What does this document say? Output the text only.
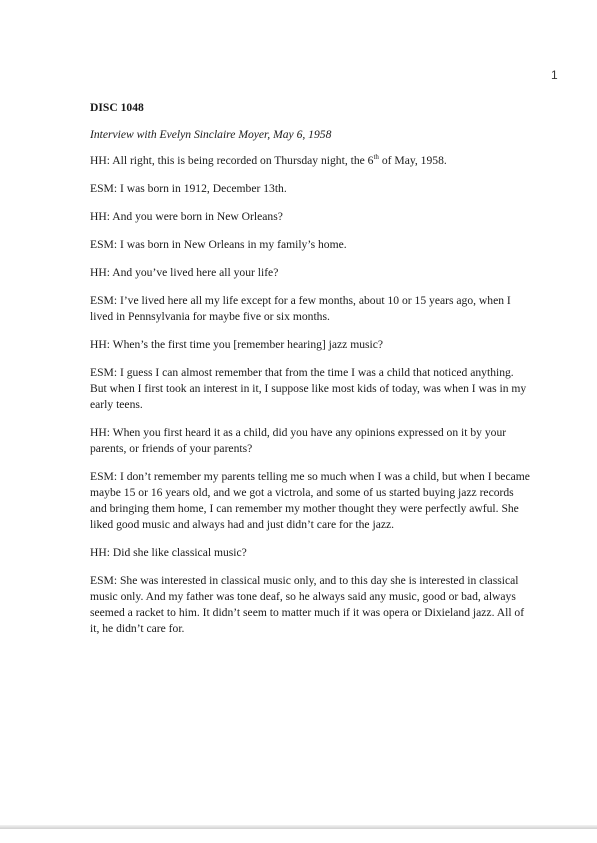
1

DISC 1048

Interview with Evelyn Sinclaire Moyer, May 6, 1958

HH: All right, this is being recorded on Thursday night, the 6th of May, 1958.

ESM: I was born in 1912, December 13th.

HH: And you were born in New Orleans?

ESM: I was born in New Orleans in my family’s home.

HH: And you’ve lived here all your life?

ESM: I’ve lived here all my life except for a few months, about 10 or 15 years ago, when I lived in Pennsylvania for maybe five or six months.

HH: When’s the first time you [remember hearing] jazz music?

ESM: I guess I can almost remember that from the time I was a child that noticed anything. But when I first took an interest in it, I suppose like most kids of today, was when I was in my early teens.

HH: When you first heard it as a child, did you have any opinions expressed on it by your parents, or friends of your parents?

ESM: I don’t remember my parents telling me so much when I was a child, but when I became maybe 15 or 16 years old, and we got a victrola, and some of us started buying jazz records and bringing them home, I can remember my mother thought they were perfectly awful. She liked good music and always had and just didn’t care for the jazz.

HH: Did she like classical music?

ESM: She was interested in classical music only, and to this day she is interested in classical music only. And my father was tone deaf, so he always said any music, good or bad, always seemed a racket to him. It didn’t seem to matter much if it was opera or Dixieland jazz. All of it, he didn’t care for.
